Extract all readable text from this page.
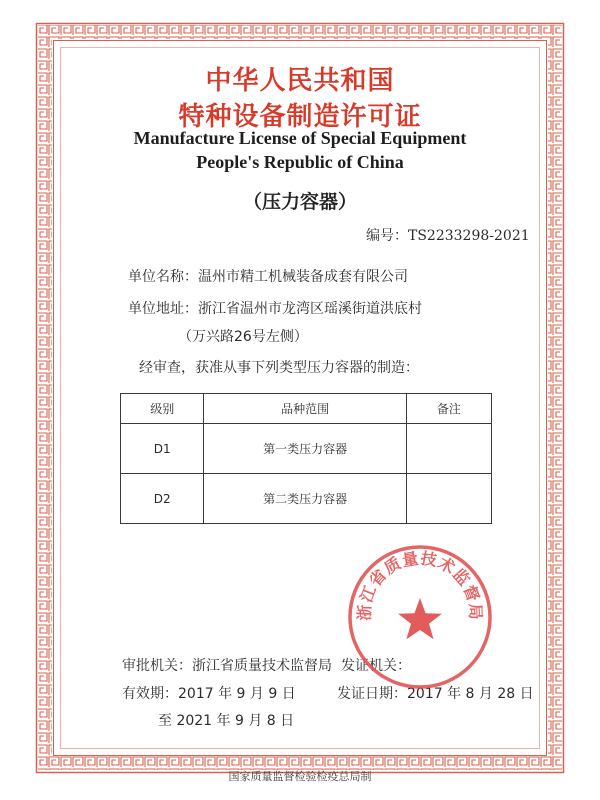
中华人民共和国
特种设备制造许可证
Manufacture License of Special Equipment
People's Republic of China
（压力容器）
编号：TS2233298-2021
单位名称：温州市精工机械装备成套有限公司
单位地址：浙江省温州市龙湾区瑶溪街道洪底村
（万兴路26号左侧）
经审查，获准从事下列类型压力容器的制造：
级别	品种范围	备注
D1	第一类压力容器	
D2	第二类压力容器	
审批机关：浙江省质量技术监督局 发证机关：
有效期：2017 年 9 月 9 日	发证日期：2017 年 8 月 28 日
至 2021 年 9 月 8 日
浙江省质量技术监督局
国家质量监督检验检疫总局制
